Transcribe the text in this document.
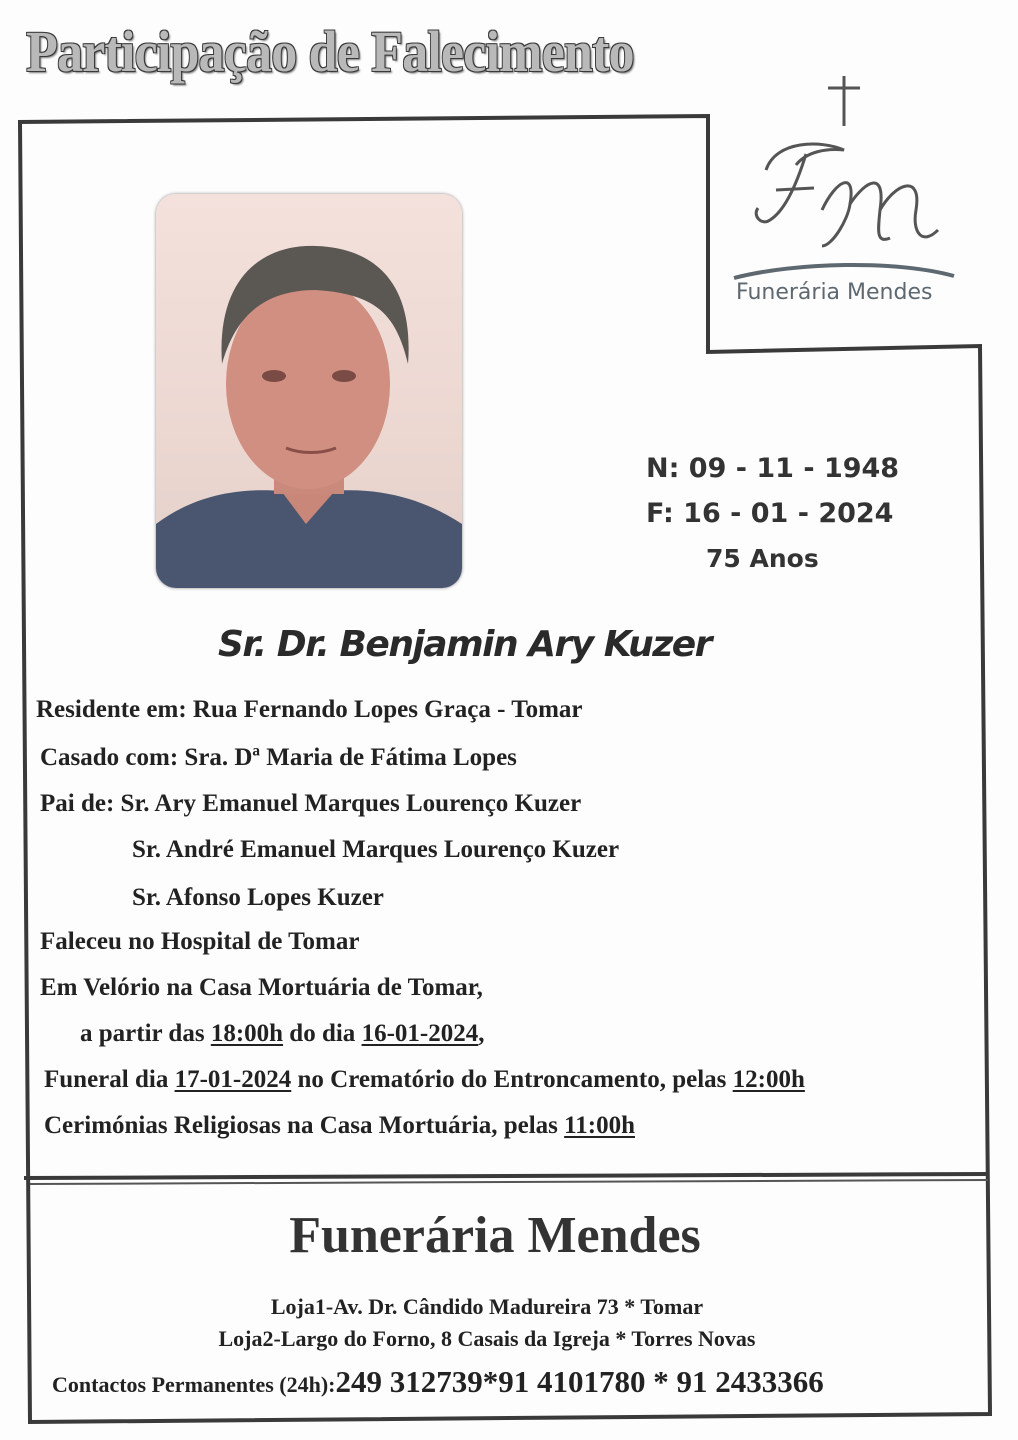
Participação de Falecimento
Funerária Mendes
N: 09 - 11 - 1948
F: 16 - 01 - 2024
75 Anos
Sr. Dr. Benjamin Ary Kuzer
Residente em: Rua Fernando Lopes Graça - Tomar
Casado com: Sra. Dª Maria de Fátima Lopes
Pai de: Sr. Ary Emanuel Marques Lourenço Kuzer
Sr. André Emanuel Marques Lourenço Kuzer
Sr. Afonso Lopes Kuzer
Faleceu no Hospital de Tomar
Em Velório na Casa Mortuária de Tomar,
a partir das 18:00h do dia 16-01-2024,
Funeral dia 17-01-2024 no Crematório do Entroncamento, pelas 12:00h
Cerimónias Religiosas na Casa Mortuária, pelas 11:00h
Funerária Mendes
Loja1-Av. Dr. Cândido Madureira 73 * Tomar
Loja2-Largo do Forno, 8 Casais da Igreja * Torres Novas
Contactos Permanentes (24h):249 312739*91 4101780 * 91 2433366
